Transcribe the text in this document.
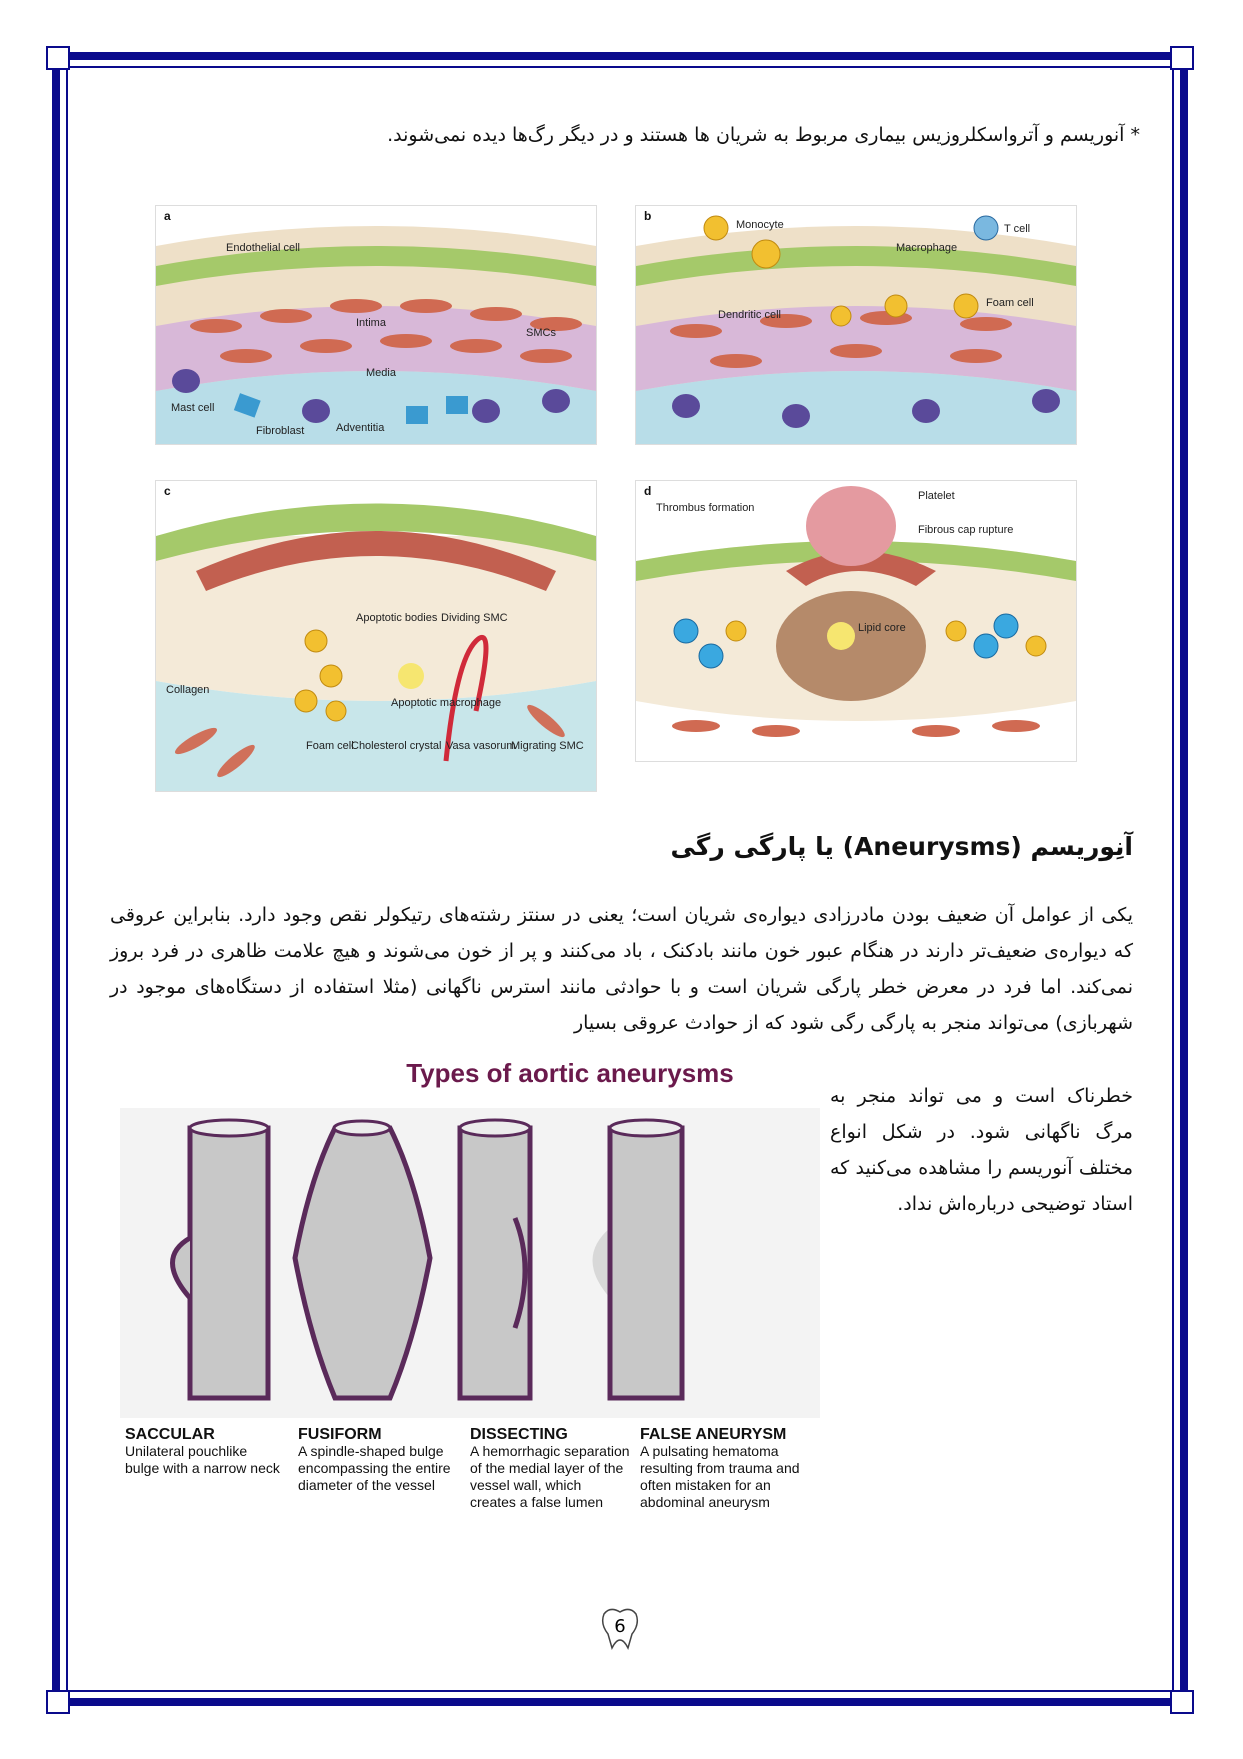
* آنوریسم و آترواسکلروزیس بیماری مربوط به شریان ها هستند و در دیگر رگ‌ها دیده نمی‌شوند.
a
Endothelial cell
Intima
SMCs
Media
Mast cell
Fibroblast	Adventitia
b
Monocyte	T cell
Macrophage
Dendritic cell
Foam cell
c
Apoptotic bodies Dividing SMC
Collagen
Apoptotic macrophage
Foam cell
Cholesterol crystal Vasa vasorum
Migrating SMC
d	Platelet
Thrombus formation
Fibrous cap rupture
Lipid core
آنِوریسم (Aneurysms) یا پارگی رگی
یکی از عوامل آن ضعیف بودن مادرزادی دیواره‌ی شریان است؛ یعنی در سنتز رشته‌های رتیکولر نقص وجود دارد. بنابراین عروقی که دیواره‌ی ضعیف‌تر دارند در هنگام عبور خون مانند بادکنک ، باد می‌کنند و پر از خون می‌شوند و هیچ علامت ظاهری در فرد بروز نمی‌کند. اما فرد در معرض خطر پارگی شریان است و با حوادثی مانند استرس ناگهانی (مثلا استفاده از دستگاه‌های موجود در شهربازی) می‌تواند منجر به پارگی رگی شود که از حوادث عروقی بسیار
خطرناک است و می تواند منجر به مرگ ناگهانی شود. در شکل انواع مختلف آنوریسم را مشاهده می‌کنید که استاد توضیحی درباره‌اش نداد.
Types of aortic aneurysms
SACCULAR
Unilateral pouchlike bulge with a narrow neck
FUSIFORM
A spindle-shaped bulge encompassing the entire diameter of the vessel
DISSECTING
A hemorrhagic separation of the medial layer of the vessel wall, which creates a false lumen
FALSE ANEURYSM
A pulsating hematoma resulting from trauma and often mistaken for an abdominal aneurysm
6
